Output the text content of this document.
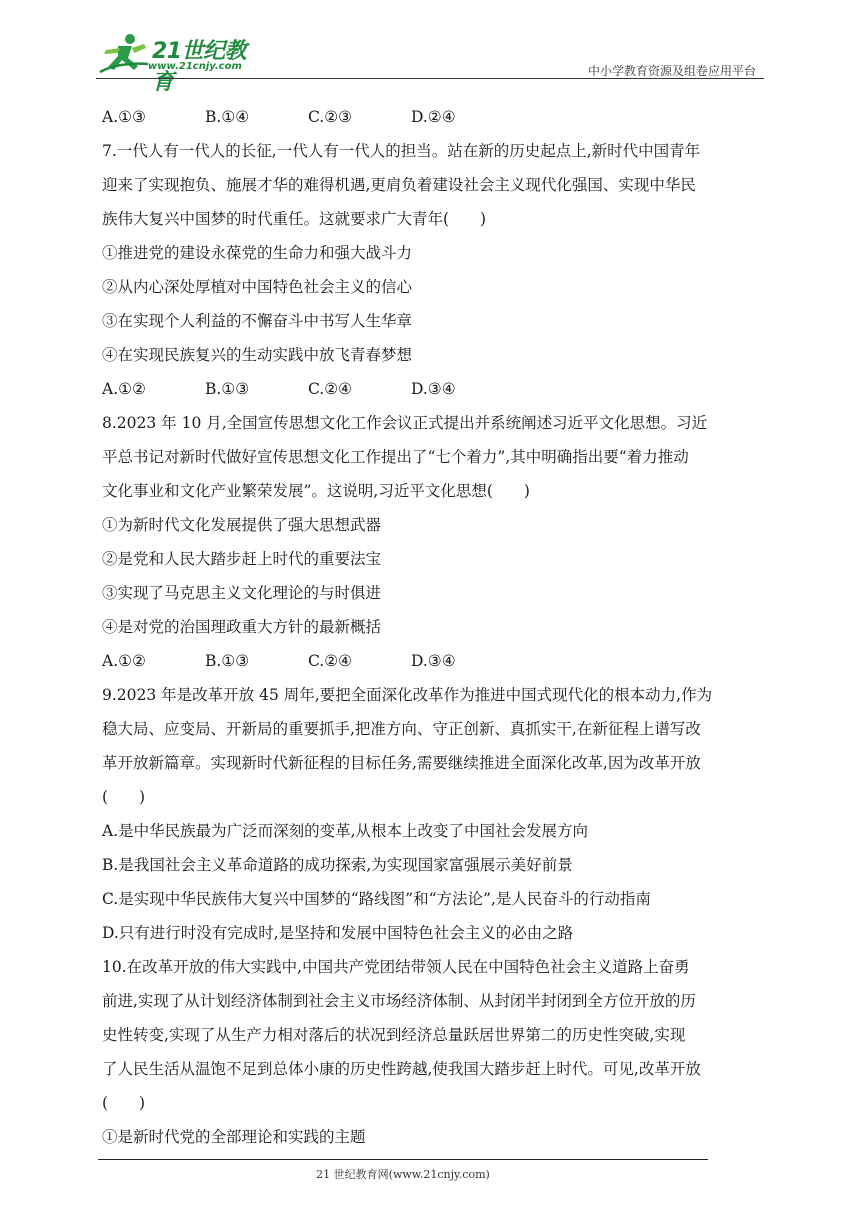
21世纪教育
www.21cnjy.com	中小学教育资源及组卷应用平台
A.①③	B.①④	C.②③	D.②④
7.一代人有一代人的长征,一代人有一代人的担当。站在新的历史起点上,新时代中国青年
迎来了实现抱负、施展才华的难得机遇,更肩负着建设社会主义现代化强国、实现中华民
族伟大复兴中国梦的时代重任。这就要求广大青年(　　)
①推进党的建设永葆党的生命力和强大战斗力
②从内心深处厚植对中国特色社会主义的信心
③在实现个人利益的不懈奋斗中书写人生华章
④在实现民族复兴的生动实践中放飞青春梦想
A.①②	B.①③	C.②④	D.③④
8.2023 年 10 月,全国宣传思想文化工作会议正式提出并系统阐述习近平文化思想。习近
平总书记对新时代做好宣传思想文化工作提出了“七个着力”,其中明确指出要“着力推动
文化事业和文化产业繁荣发展”。这说明,习近平文化思想(　　)
①为新时代文化发展提供了强大思想武器
②是党和人民大踏步赶上时代的重要法宝
③实现了马克思主义文化理论的与时俱进
④是对党的治国理政重大方针的最新概括
A.①②	B.①③	C.②④	D.③④
9.2023 年是改革开放 45 周年,要把全面深化改革作为推进中国式现代化的根本动力,作为
稳大局、应变局、开新局的重要抓手,把准方向、守正创新、真抓实干,在新征程上谱写改
革开放新篇章。实现新时代新征程的目标任务,需要继续推进全面深化改革,因为改革开放
(　　)
A.是中华民族最为广泛而深刻的变革,从根本上改变了中国社会发展方向
B.是我国社会主义革命道路的成功探索,为实现国家富强展示美好前景
C.是实现中华民族伟大复兴中国梦的“路线图”和“方法论”,是人民奋斗的行动指南
D.只有进行时没有完成时,是坚持和发展中国特色社会主义的必由之路
10.在改革开放的伟大实践中,中国共产党团结带领人民在中国特色社会主义道路上奋勇
前进,实现了从计划经济体制到社会主义市场经济体制、从封闭半封闭到全方位开放的历
史性转变,实现了从生产力相对落后的状况到经济总量跃居世界第二的历史性突破,实现
了人民生活从温饱不足到总体小康的历史性跨越,使我国大踏步赶上时代。可见,改革开放
(　　)
①是新时代党的全部理论和实践的主题
21 世纪教育网(www.21cnjy.com)
